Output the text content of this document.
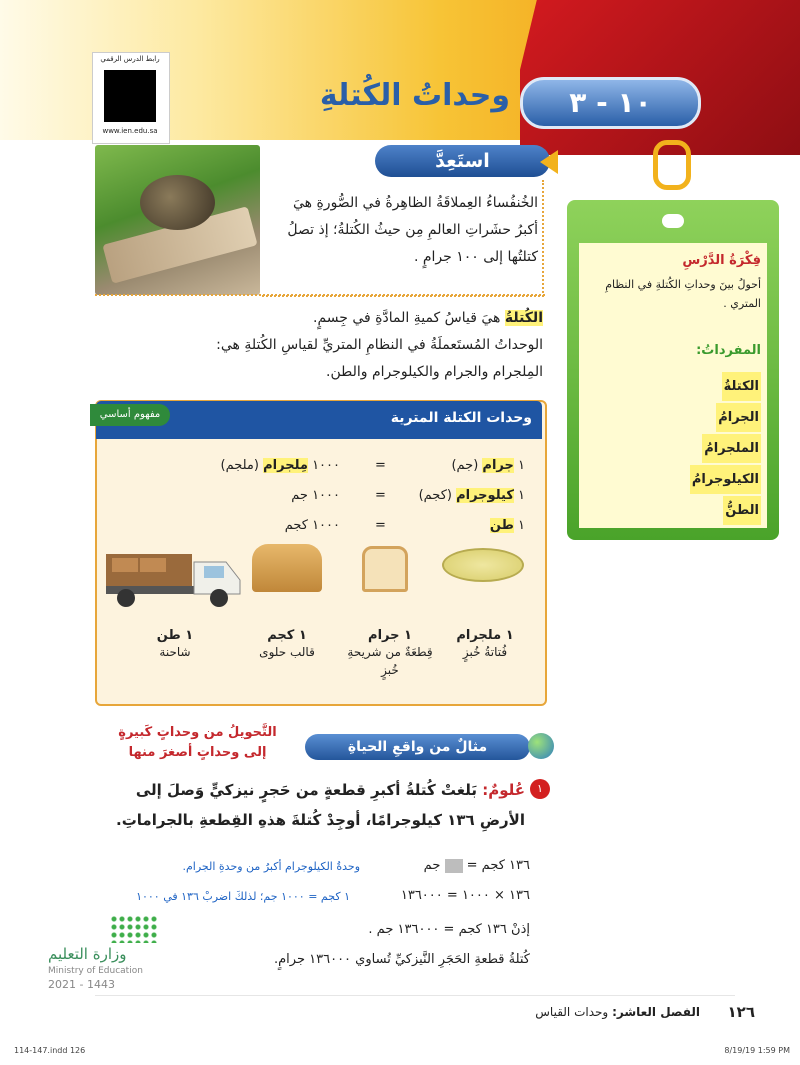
رابط الدرس الرقمي
www.ien.edu.sa
١٠ - ٣
وحداتُ الكُتلةِ
استَعِدَّ
الخُنفُساءُ العِملاقَةُ الظاهِرةُ في الصُّورةِ هيَ أكبرُ حشَراتِ العالمِ مِن حيثُ الكُتلةُ؛ إذ تصلُ كتلتُها إلى ١٠٠ جرامٍ .	فِكْرَةُ الدَّرْسِ
أحولُ بينَ وحداتِ الكُتلةِ في النظامِ المتري .
المفرداتُ:
الكتلةُ
الجرامُ
الملجرامُ
الكيلوجرامُ
الطنُّ
الكُتلةُ هيَ قياسُ كميةِ المادَّةِ في جِسمٍ.
الوحداتُ المُستَعملَةُ في النظامِ المتريِّ لقياسِ الكُتلةِ هي:
المِلجرام والجرام والكيلوجرام والطن.
وحدات الكتلة المترية
مفهوم أساسي
١ جرام (جم)
=
١٠٠٠ مِلجرام (ملجم)
١ كيلوجرام (كجم)
=
١٠٠٠ جم
١ طن
=
١٠٠٠ كجم
١ ملجرام
فُتاتةُ خُبزٍ
١ جرام
قِطعَةٌ من شريحةِ خُبزٍ
١ كجم
قالب حلوى
١ طن
شاحنة
مثالٌ من واقعِ الحياةِ
التَّحويلُ من وحداتٍ كَبيرةٍ إلى وحداتٍ أصغرَ منها
١
عُلومٌ: بَلغتْ كُتلةُ أكبرِ قطعةٍ من حَجرٍ نيزكيٍّ وَصلَ إلى الأرضِ ١٣٦ كيلوجرامًا، أوجِدْ كُتلةَ هذهِ القِطعةِ بالجراماتِ.
١٣٦ كجم =  جم
وحدةُ الكيلوجرام أكبرُ من وحدةِ الجرام.
١٣٦ × ١٠٠٠ = ١٣٦٠٠٠
١ كجم = ١٠٠٠ جم؛ لذلكَ اضربْ ١٣٦ في ١٠٠٠
إذنْ ١٣٦ كجم = ١٣٦٠٠٠ جم .
كُتلةُ قطعةِ الحَجَرِ النَّيزكيِّ تُساوي ١٣٦٠٠٠ جرامٍ.
وزارة التعليم
Ministry of Education
2021 - 1443
١٢٦
الفصل العاشر: وحدات القياس
114-147.indd 126	8/19/19 1:59 PM
